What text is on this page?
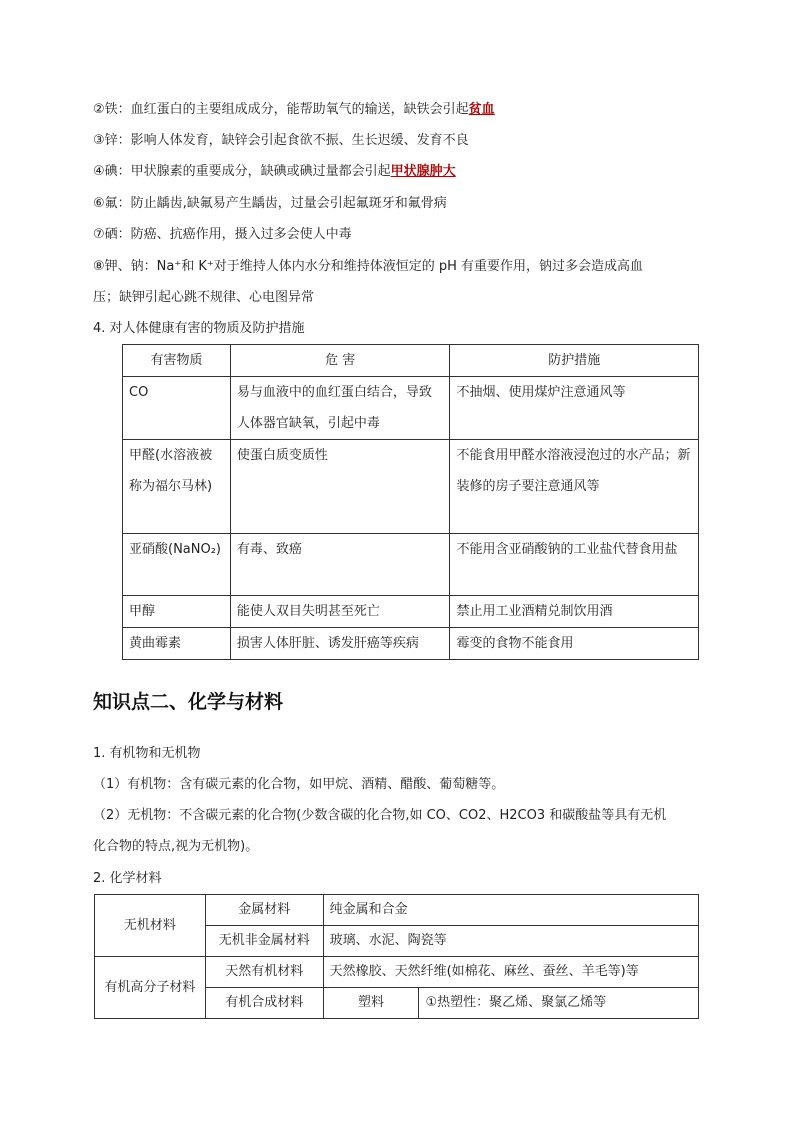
②铁：血红蛋白的主要组成成分，能帮助氧气的输送，缺铁会引起贫血
③锌：影响人体发育，缺锌会引起食欲不振、生长迟缓、发育不良
④碘：甲状腺素的重要成分，缺碘或碘过量都会引起甲状腺肿大
⑥氟：防止龋齿,缺氟易产生龋齿，过量会引起氟斑牙和氟骨病
⑦硒：防癌、抗癌作用，摄入过多会使人中毒
⑧钾、钠：Na⁺和 K⁺对于维持人体内水分和维持体液恒定的 pH 有重要作用，钠过多会造成高血
压；缺钾引起心跳不规律、心电图异常
4. 对人体健康有害的物质及防护措施
有害物质	危 害	防护措施
CO	易与血液中的血红蛋白结合，导致人体器官缺氧，引起中毒	不抽烟、使用煤炉注意通风等
甲醛(水溶液被称为福尔马林)	使蛋白质变质性	不能食用甲醛水溶液浸泡过的水产品；新装修的房子要注意通风等
亚硝酸(NaNO₂)	有毒、致癌	不能用含亚硝酸钠的工业盐代替食用盐
甲醇	能使人双目失明甚至死亡	禁止用工业酒精兑制饮用酒
黄曲霉素	损害人体肝脏、诱发肝癌等疾病	霉变的食物不能食用
知识点二、化学与材料
1. 有机物和无机物
（1）有机物：含有碳元素的化合物，如甲烷、酒精、醋酸、葡萄糖等。
（2）无机物：不含碳元素的化合物(少数含碳的化合物,如 CO、CO2、H2CO3 和碳酸盐等具有无机
化合物的特点,视为无机物)。
2. 化学材料
无机材料	金属材料	纯金属和合金	
	无机非金属材料	玻璃、水泥、陶瓷等	
有机高分子材料	天然有机材料	天然橡胶、天然纤维(如棉花、麻丝、蚕丝、羊毛等)等	
	有机合成材料	塑料	①热塑性：聚乙烯、聚氯乙烯等
